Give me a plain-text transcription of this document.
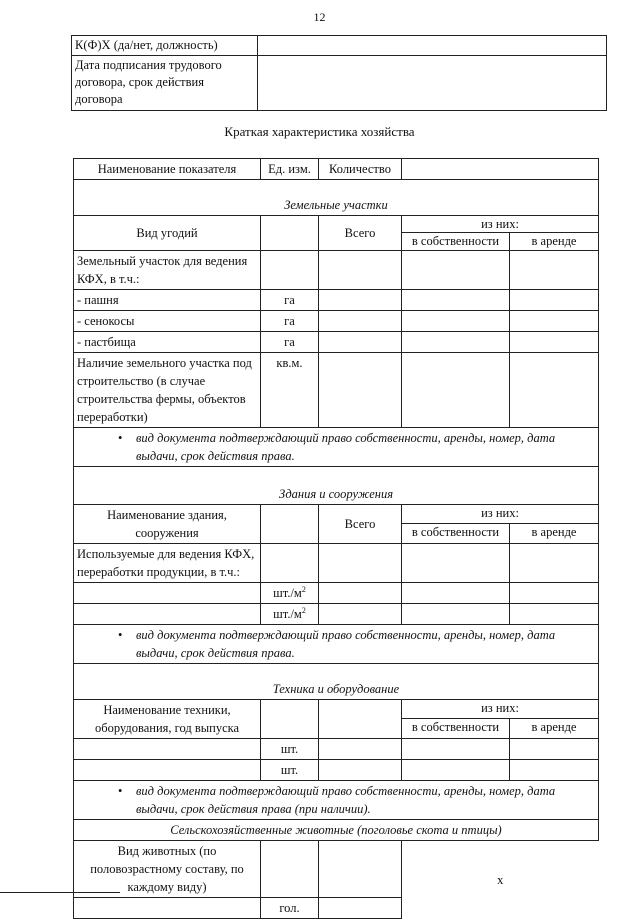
12
К(Ф)Х (да/нет, должность)	
Дата подписания трудового договора, срок действия договора	
Краткая характеристика хозяйства
Наименование показателя	Ед. изм.	Количество		
Земельные участки				
Вид угодий		Всего	из них:	
			в собственности	в аренде
Земельный участок для ведения КФХ, в т.ч.:				
- пашня	га			
- сенокосы	га			
- пастбища	га			
Наличие земельного участка под строительство (в случае строительства фермы, объектов переработки)	кв.м.			

• вид документа подтверждающий право собственности, аренды, номер, дата выдачи, срок действия права.				

Здания и сооружения				
Наименование здания, сооружения		Всего	из них:	
			в собственности	в аренде
Используемые для ведения КФХ, переработки продукции, в т.ч.:				
	$шт./м^2$			
	$шт./м^2$			

• вид документа подтверждающий право собственности, аренды, номер, дата выдачи, срок действия права.				

Техника и оборудование				
Наименование техники, оборудования, год выпуска			из них:	
			в собственности	в аренде
	шт.			
	шт.			

• вид документа подтверждающий право собственности, аренды, номер, дата выдачи, срок действия права (при наличии).				

Сельскохозяйственные животные (поголовье скота и птицы)				
Вид животных (по половозрастному составу, по каждому виду)			x	
	гол.			
